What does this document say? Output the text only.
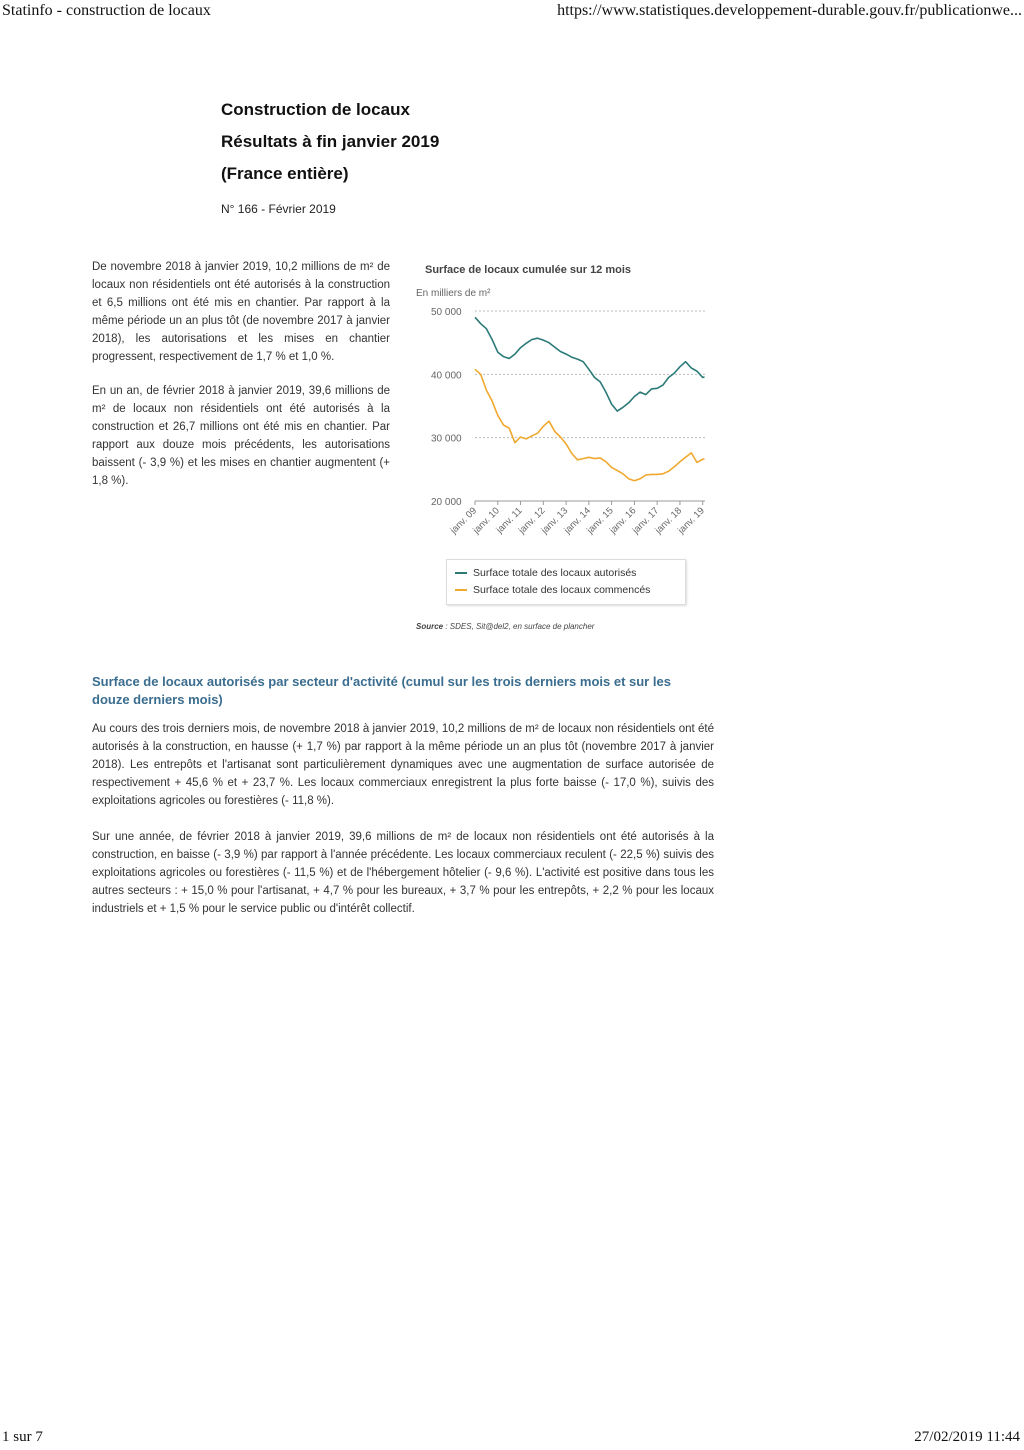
Statinfo - construction de locaux	https://www.statistiques.developpement-durable.gouv.fr/publicationwe...
Construction de locaux
Résultats à fin janvier 2019
(France entière)
N° 166 - Février 2019

De novembre 2018 à janvier 2019, 10,2 millions de m² de locaux non résidentiels ont été autorisés à la construction et 6,5 millions ont été mis en chantier. Par rapport à la même période un an plus tôt (de novembre 2017 à janvier 2018), les autorisations et les mises en chantier progressent, respectivement de 1,7 % et 1,0 %.

En un an, de février 2018 à janvier 2019, 39,6 millions de m² de locaux non résidentiels ont été autorisés à la construction et 26,7 millions ont été mis en chantier. Par rapport aux douze mois précédents, les autorisations baissent (- 3,9 %) et les mises en chantier augmentent (+ 1,8 %).

20 000
30 000
40 000
50 000
janv. 09
janv. 10
janv. 11
janv. 12
janv. 13
janv. 14
janv. 15
janv. 16
janv. 17
janv. 18
janv. 19
Surface de locaux cumulée sur 12 mois
En milliers de m²
Surface totale des locaux autorisés
Surface totale des locaux commencés
Source : SDES, Sit@del2, en surface de plancher
Surface de locaux autorisés par secteur d'activité (cumul sur les trois derniers mois et sur les douze derniers mois)

Au cours des trois derniers mois, de novembre 2018 à janvier 2019, 10,2 millions de m² de locaux non résidentiels ont été autorisés à la construction, en hausse (+ 1,7 %) par rapport à la même période un an plus tôt (novembre 2017 à janvier 2018). Les entrepôts et l'artisanat sont particulièrement dynamiques avec une augmentation de surface autorisée de respectivement + 45,6 % et + 23,7 %. Les locaux commerciaux enregistrent la plus forte baisse (- 17,0 %), suivis des exploitations agricoles ou forestières (- 11,8 %).

Sur une année, de février 2018 à janvier 2019, 39,6 millions de m² de locaux non résidentiels ont été autorisés à la construction, en baisse (- 3,9 %) par rapport à l'année précédente. Les locaux commerciaux reculent (- 22,5 %) suivis des exploitations agricoles ou forestières (- 11,5 %) et de l'hébergement hôtelier (- 9,6 %). L'activité est positive dans tous les autres secteurs : + 15,0 % pour l'artisanat, + 4,7 % pour les bureaux, + 3,7 % pour les entrepôts, + 2,2 % pour les locaux industriels et + 1,5 % pour le service public ou d'intérêt collectif.

1 sur 7	27/02/2019 11:44
